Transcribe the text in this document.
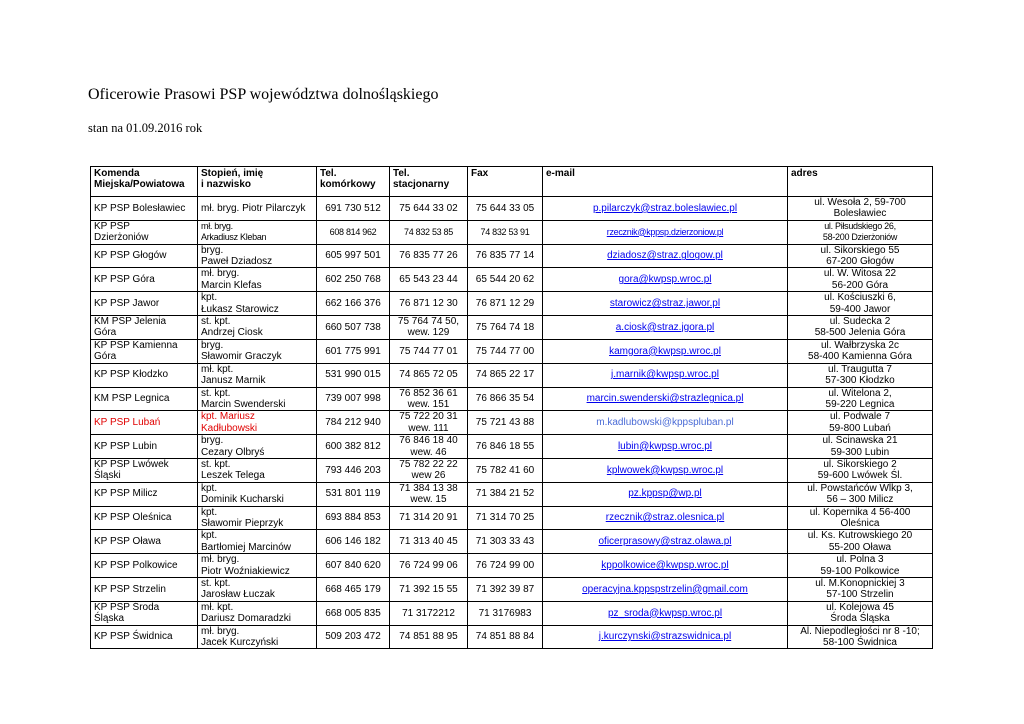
Oficerowie Prasowi PSP województwa dolnośląskiego
stan na 01.09.2016 rok
Komenda
Miejska/Powiatowa	Stopień, imię
i nazwisko	Tel.
komórkowy	Tel.
stacjonarny	Fax	e-mail	adres

KP PSP Bolesławiec	mł. bryg. Piotr Pilarczyk	691 730 512	75 644 33 02	75 644 33 05	p.pilarczyk@straz.boleslawiec.pl	ul. Wesoła 2, 59-700
Bolesławiec

KP PSP
Dzierżoniów	mł. bryg.
Arkadiusz Kleban	608 814 962	74 832 53 85	74 832 53 91	rzecznik@kppsp.dzierzoniow.pl	ul. Piłsudskiego 26,
58-200 Dzierżoniów

KP PSP Głogów	bryg.
Paweł Dziadosz	605 997 501	76 835 77 26	76 835 77 14	dziadosz@straz.glogow.pl	ul. Sikorskiego 55
67-200 Głogów

KP PSP Góra	mł. bryg.
Marcin Klefas	602 250 768	65 543 23 44	65 544 20 62	gora@kwpsp.wroc.pl	ul. W. Witosa 22
56-200 Góra

KP PSP Jawor	kpt.
Łukasz Starowicz	662 166 376	76 871 12 30	76 871 12 29	starowicz@straz.jawor.pl	ul. Kościuszki 6,
59-400 Jawor

KM PSP Jelenia
Góra	st. kpt.
Andrzej Ciosk	660 507 738	75 764 74 50,
wew. 129	75 764 74 18	a.ciosk@straz.jgora.pl	ul. Sudecka 2
58-500 Jelenia Góra

KP PSP Kamienna
Góra	bryg.
Sławomir Graczyk	601 775 991	75 744 77 01	75 744 77 00	kamgora@kwpsp.wroc.pl	ul. Wałbrzyska 2c
58-400 Kamienna Góra

KP PSP Kłodzko	mł. kpt.
Janusz Marnik	531 990 015	74 865 72 05	74 865 22 17	j.marnik@kwpsp.wroc.pl	ul. Traugutta 7
57-300 Kłodzko

KM PSP Legnica	st. kpt.
Marcin Swenderski	739 007 998	76 852 36 61
wew. 151	76 866 35 54	marcin.swenderski@strazlegnica.pl	ul. Witelona 2,
59-220 Legnica

KP PSP Lubań	kpt. Mariusz
Kadłubowski	784 212 940	75 722 20 31
wew. 111	75 721 43 88	m.kadlubowski@kppspluban.pl	ul. Podwale 7
59-800 Lubań

KP PSP Lubin	bryg.
Cezary Olbryś	600 382 812	76 846 18 40
wew. 46	76 846 18 55	lubin@kwpsp.wroc.pl	ul. Ścinawska 21
59-300 Lubin

KP PSP Lwówek
Śląski	st. kpt.
Leszek Telega	793 446 203	75 782 22 22
wew 26	75 782 41 60	kplwowek@kwpsp.wroc.pl	ul. Sikorskiego 2
59-600 Lwówek Śl.

KP PSP Milicz	kpt.
Dominik Kucharski	531 801 119	71 384 13 38
wew. 15	71 384 21 52	pz.kppsp@wp.pl	ul. Powstańców Wlkp 3,
56 – 300 Milicz

KP PSP Oleśnica	kpt.
Sławomir Pieprzyk	693 884 853	71 314 20 91	71 314 70 25	rzecznik@straz.olesnica.pl	ul. Kopernika 4 56-400
Oleśnica

KP PSP Oława	kpt.
Bartłomiej Marcinów	606 146 182	71 313 40 45	71 303 33 43	oficerprasowy@straz.olawa.pl	ul. Ks. Kutrowskiego 20
55-200 Oława

KP PSP Polkowice	mł. bryg.
Piotr Woźniakiewicz	607 840 620	76 724 99 06	76 724 99 00	kppolkowice@kwpsp.wroc.pl	ul. Polna 3
59-100 Polkowice

KP PSP Strzelin	st. kpt.
Jarosław Łuczak	668 465 179	71 392 15 55	71 392 39 87	operacyjna.kppspstrzelin@gmail.com	ul. M.Konopnickiej 3
57-100 Strzelin

KP PSP Środa
Śląska	mł. kpt.
Dariusz Domaradzki	668 005 835	71 3172212	71 3176983	pz_sroda@kwpsp.wroc.pl	ul. Kolejowa 45
Środa Śląska

KP PSP Świdnica	mł. bryg.
Jacek Kurczyński	509 203 472	74 851 88 95	74 851 88 84	j.kurczynski@strazswidnica.pl	Al. Niepodległości nr 8 -10;
58-100 Świdnica
